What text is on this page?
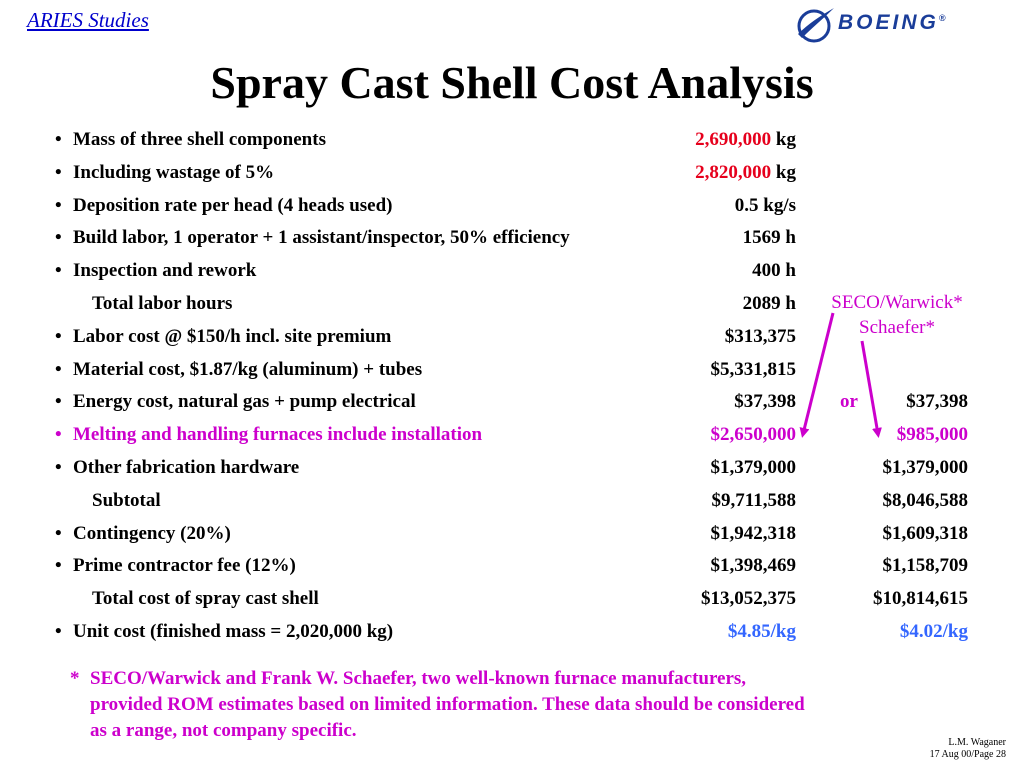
ARIES Studies	BOEING®
Spray Cast Shell Cost Analysis
• Mass of three shell components	2,690,000 kg
• Including wastage of 5%	2,820,000 kg
• Deposition rate per head (4 heads used)	0.5 kg/s
• Build labor, 1 operator + 1 assistant/inspector, 50% efficiency	1569 h
• Inspection and rework	400 h
Total labor hours	2089 h
• Labor cost @ $150/h incl. site premium	$313,375
• Material cost, $1.87/kg (aluminum) + tubes	$5,331,815
• Energy cost, natural gas + pump electrical	$37,398 or	$37,398
• Melting and handling furnaces include installation	$2,650,000	$985,000
• Other fabrication hardware	$1,379,000	$1,379,000
Subtotal	$9,711,588	$8,046,588
• Contingency (20%)	$1,942,318	$1,609,318
• Prime contractor fee (12%)	$1,398,469	$1,158,709
Total cost of spray cast shell	$13,052,375	$10,814,615
• Unit cost (finished mass = 2,020,000 kg)	$4.85/kg	$4.02/kg
SECO/Warwick*
Schaefer*
* SECO/Warwick and Frank W. Schaefer, two well-known furnace manufacturers, provided ROM estimates based on limited information. These data should be considered as a range, not company specific.
L.M. Waganer
17 Aug 00/Page 28
